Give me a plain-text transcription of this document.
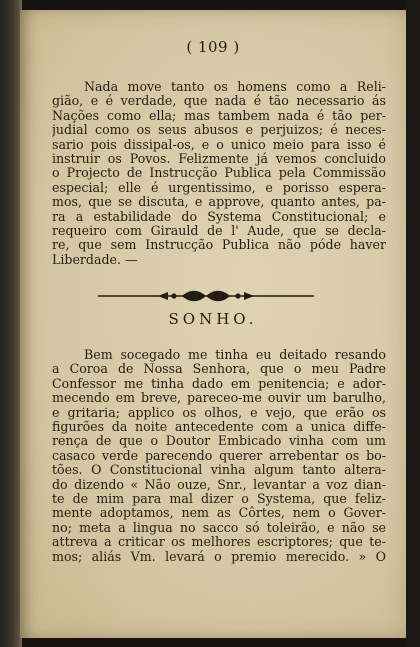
( 109 )
Nada move tanto os homens como a Reli-
gião, e é verdade, que nada é tão necessario ás
Nações como ella; mas tambem nada é tão per-
judial como os seus abusos e perjuizos; é neces-
sario pois dissipal-os, e o unico meio para isso é
instruir os Povos. Felizmente já vemos concluido
o Projecto de Instrucção Publica pela Commissão
especial; elle é urgentissimo, e porisso espera-
mos, que se discuta, e approve, quanto antes, pa-
ra a estabilidade do Systema Constitucional; e
requeiro com Girauld de l' Aude, que se decla-
re, que sem Instrucção Publica não póde haver
Liberdade. —
SONHO.
Bem socegado me tinha eu deitado resando
a Coroa de Nossa Senhora, que o meu Padre
Confessor me tinha dado em penitencia; e ador-
mecendo em breve, pareceo-me ouvir um barulho,
e gritaria; applico os olhos, e vejo, que erão os
figurões da noite antecedente com a unica diffe-
rença de que o Doutor Embicado vinha com um
casaco verde parecendo querer arrebentar os bo-
tões. O Constitucional vinha algum tanto altera-
do dizendo « Não ouze, Snr., levantar a voz dian-
te de mim para mal dizer o Systema, que feliz-
mente adoptamos, nem as Côrtes, nem o Gover-
no; meta a lingua no sacco só toleirão, e não se
attreva a criticar os melhores escriptores; que te-
mos; aliás Vm. levará o premio merecido. » O
